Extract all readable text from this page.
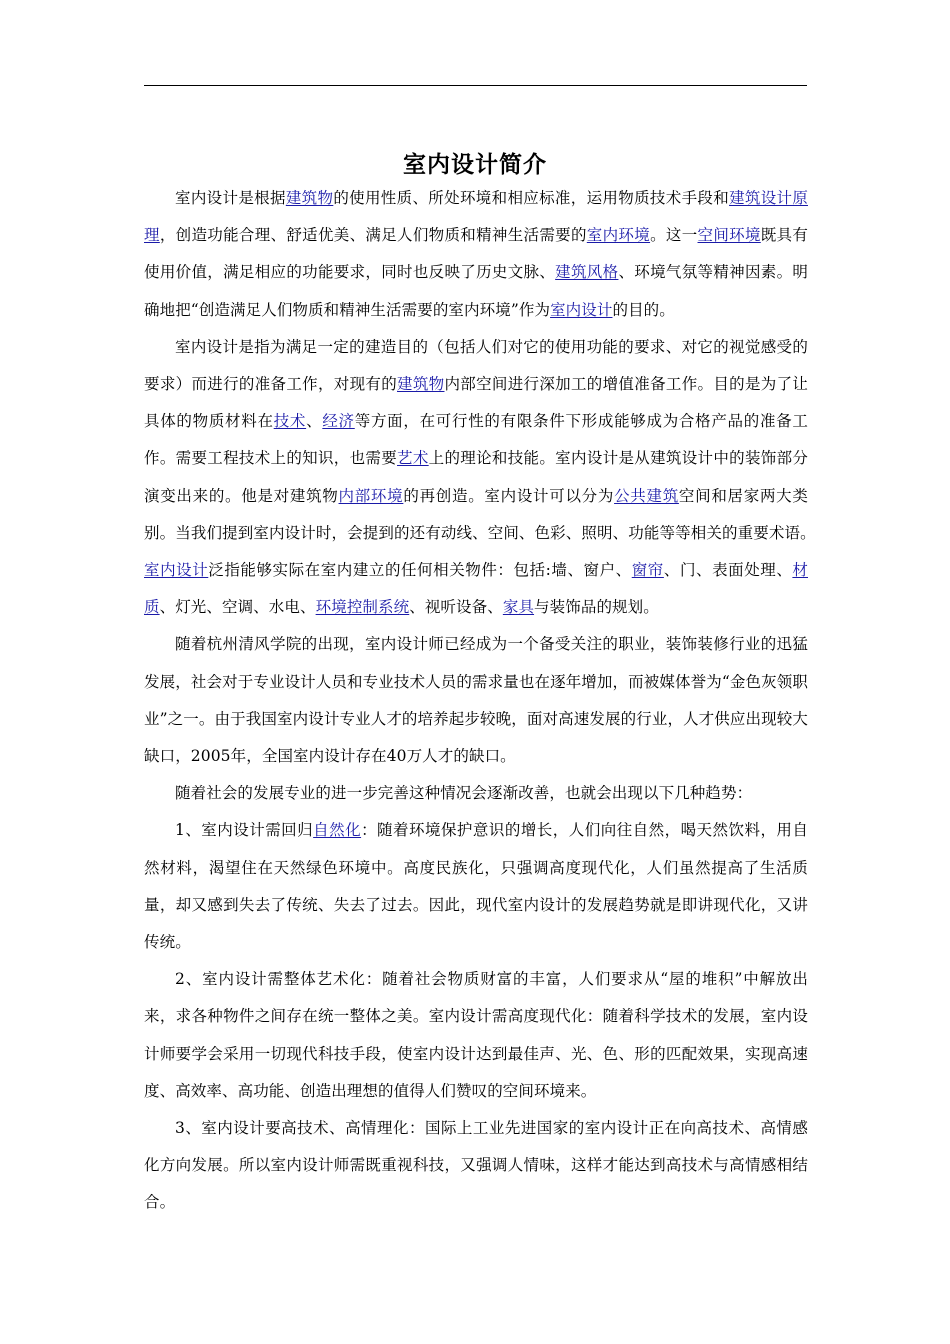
室内设计简介

室内设计是根据建筑物的使用性质、所处环境和相应标准，运用物质技术手段和建筑设计原理，创造功能合理、舒适优美、满足人们物质和精神生活需要的室内环境。这一空间环境既具有使用价值，满足相应的功能要求，同时也反映了历史文脉、建筑风格、环境气氛等精神因素。明确地把“创造满足人们物质和精神生活需要的室内环境”作为室内设计的目的。

室内设计是指为满足一定的建造目的（包括人们对它的使用功能的要求、对它的视觉感受的要求）而进行的准备工作，对现有的建筑物内部空间进行深加工的增值准备工作。目的是为了让具体的物质材料在技术、经济等方面，在可行性的有限条件下形成能够成为合格产品的准备工作。需要工程技术上的知识，也需要艺术上的理论和技能。室内设计是从建筑设计中的装饰部分演变出来的。他是对建筑物内部环境的再创造。室内设计可以分为公共建筑空间和居家两大类别。当我们提到室内设计时，会提到的还有动线、空间、色彩、照明、功能等等相关的重要术语。　室内设计泛指能够实际在室内建立的任何相关物件：包括:墙、窗户、窗帘、门、表面处理、材质、灯光、空调、水电、环境控制系统、视听设备、家具与装饰品的规划。

随着杭州清风学院的出现，室内设计师已经成为一个备受关注的职业，装饰装修行业的迅猛发展，社会对于专业设计人员和专业技术人员的需求量也在逐年增加，而被媒体誉为“金色灰领职业”之一。由于我国室内设计专业人才的培养起步较晚，面对高速发展的行业，人才供应出现较大缺口，2005年，全国室内设计存在40万人才的缺口。

随着社会的发展专业的进一步完善这种情况会逐渐改善，也就会出现以下几种趋势：

1、室内设计需回归自然化：随着环境保护意识的增长，人们向往自然，喝天然饮料，用自然材料，渴望住在天然绿色环境中。高度民族化，只强调高度现代化，人们虽然提高了生活质量，却又感到失去了传统、失去了过去。因此，现代室内设计的发展趋势就是即讲现代化，又讲传统。

2、室内设计需整体艺术化：随着社会物质财富的丰富，人们要求从“屋的堆积”中解放出来，求各种物件之间存在统一整体之美。室内设计需高度现代化：随着科学技术的发展，室内设计师要学会采用一切现代科技手段，使室内设计达到最佳声、光、色、形的匹配效果，实现高速度、高效率、高功能、创造出理想的值得人们赞叹的空间环境来。

3、室内设计要高技术、高情理化：国际上工业先进国家的室内设计正在向高技术、高情感化方向发展。所以室内设计师需既重视科技，又强调人情味，这样才能达到高技术与高情感相结合。
